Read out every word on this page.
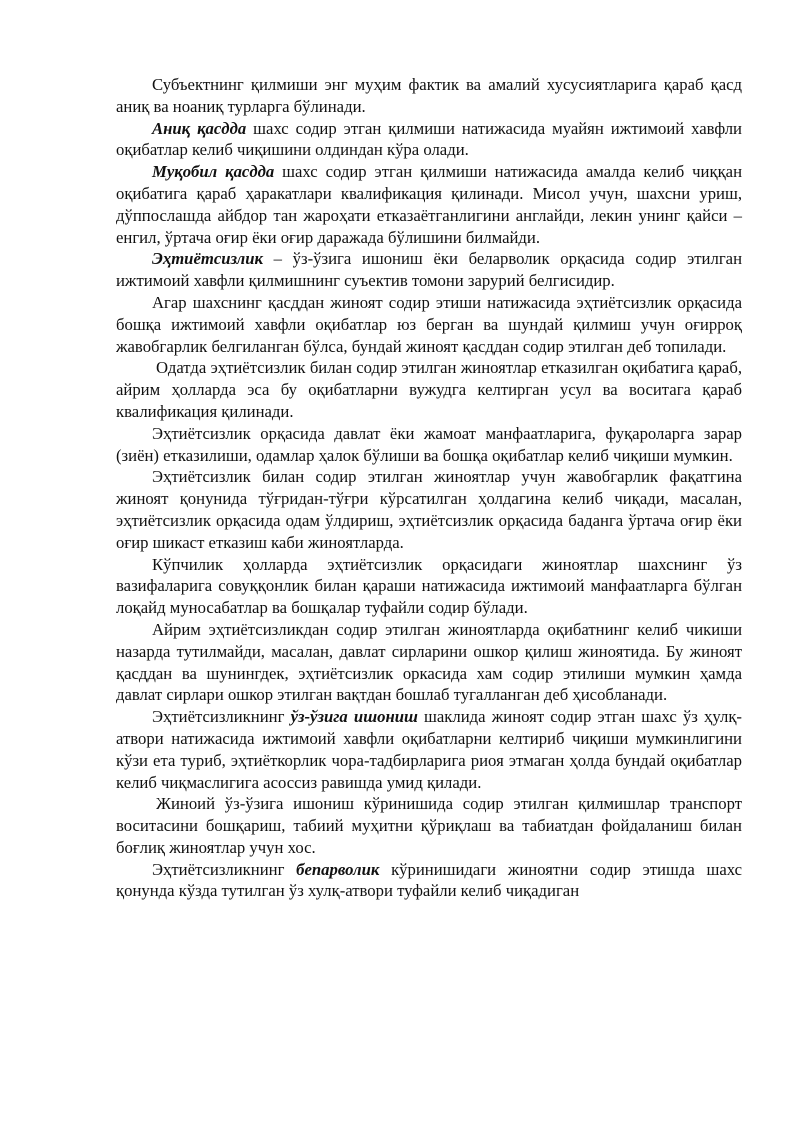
Субъектнинг қилмиши энг муҳим фактик ва амалий хусусиятларига қараб қасд аниқ ва ноаниқ турларга бўлинади.

Аниқ қасдда шахс содир этган қилмиши натижасида муайян ижтимоий хавфли оқибатлар келиб чиқишини олдиндан кўра олади.

Муқобил қасдда шахс содир этган қилмиши натижасида амалда келиб чиққан оқибатига қараб ҳаракатлари квалификация қилинади. Мисол учун, шахсни уриш, дўппослашда айбдор тан жароҳати етказаётганлигини англайди, лекин унинг қайси – енгил, ўртача оғир ёки оғир даражада бўлишини билмайди.

Эҳтиётсизлик – ўз-ўзига ишониш ёки беларволик орқасида содир этилган ижтимоий хавфли қилмишнинг суъектив томони зарурий белгисидир.

Агар шахснинг қасддан жиноят содир этиши натижасида эҳтиётсизлик орқасида бошқа ижтимоий хавфли оқибатлар юз берган ва шундай қилмиш учун оғирроқ жавобгарлик белгиланган бўлса, бундай жиноят қасддан содир этилган деб топилади.

Одатда эҳтиётсизлик билан содир этилган жиноятлар етказилган оқибатига қараб, айрим ҳолларда эса бу оқибатларни вужудга келтирган усул ва воситага қараб квалификация қилинади.

Эҳтиётсизлик орқасида давлат ёки жамоат манфаатларига, фуқароларга зарар (зиён) етказилиши, одамлар ҳалок бўлиши ва бошқа оқибатлар келиб чиқиши мумкин.

Эҳтиётсизлик билан содир этилган жиноятлар учун жавобгарлик фақатгина жиноят қонунида тўғридан-тўғри кўрсатилган ҳолдагина келиб чиқади, масалан, эҳтиётсизлик орқасида одам ўлдириш, эҳтиётсизлик орқасида баданга ўртача оғир ёки оғир шикаст етказиш каби жиноятларда.

Кўпчилик ҳолларда эҳтиётсизлик орқасидаги жиноятлар шахснинг ўз вазифаларига совуққонлик билан қараши натижасида ижтимоий манфаатларга бўлган лоқайд муносабатлар ва бошқалар туфайли содир бўлади.

Айрим эҳтиётсизликдан содир этилган жиноятларда оқибатнинг келиб чикиши назарда тутилмайди, масалан, давлат сирларини ошкор қилиш жиноятида. Бу жиноят қасддан ва шунингдек, эҳтиётсизлик оркасида хам содир этилиши мумкин ҳамда давлат сирлари ошкор этилган вақтдан бошлаб тугалланган деб ҳисобланади.

Эҳтиётсизликнинг ўз-ўзига ишониш шаклида жиноят содир этган шахс ўз ҳулқ-атвори натижасида ижтимоий хавфли оқибатларни келтириб чиқиши мумкинлигини кўзи ета туриб, эҳтиёткорлик чора-тадбирларига риоя этмаган ҳолда бундай оқибатлар келиб чиқмаслигига асоссиз равишда умид қилади.

Жиноий ўз-ўзига ишониш кўринишида содир этилган қилмишлар транспорт воситасини бошқариш, табиий муҳитни қўриқлаш ва табиатдан фойдаланиш билан боғлиқ жиноятлар учун хос.

Эҳтиётсизликнинг бепарволик кўринишидаги жиноятни содир этишда шахс қонунда кўзда тутилган ўз хулқ-атвори туфайли келиб чиқадиган
